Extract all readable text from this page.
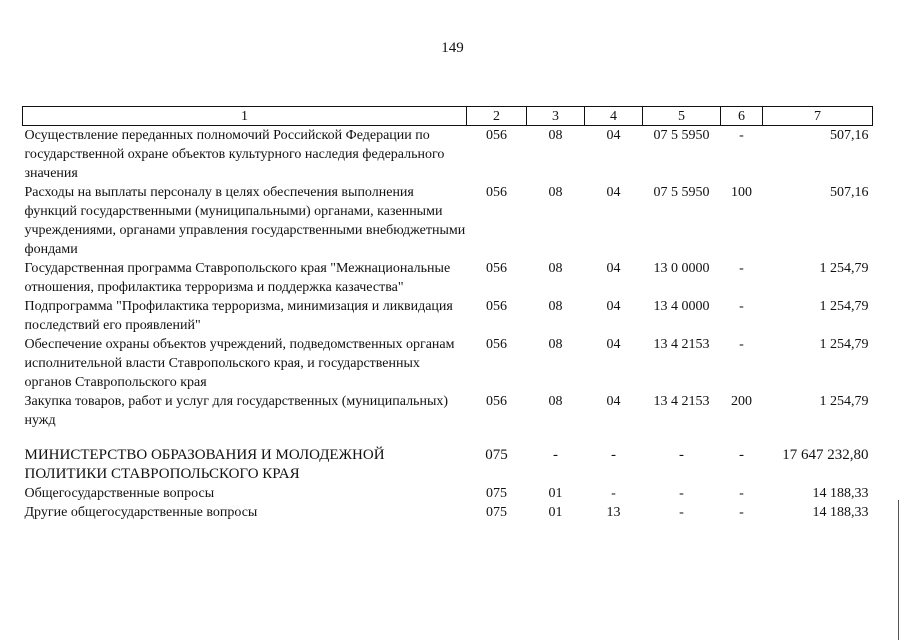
149
1	2	3	4	5	6	7
Осуществление переданных полномочий Российской Федерации по государственной охране объектов культурного наследия федерального значения	056	08	04	07 5 5950	-	507,16
Расходы на выплаты персоналу в целях обеспечения выполнения функций государственными (муниципальными) органами, казенными учреждениями, органами управления государственными внебюджетными фондами	056	08	04	07 5 5950	100	507,16
Государственная программа Ставропольского края "Межнациональные отношения, профилактика терроризма и поддержка казачества"	056	08	04	13 0 0000	-	1 254,79
Подпрограмма "Профилактика терроризма, минимизация и ликвидация последствий его проявлений"	056	08	04	13 4 0000	-	1 254,79
Обеспечение охраны объектов учреждений, подведомственных органам исполнительной власти Ставропольского края, и государственных органов Ставропольского края	056	08	04	13 4 2153	-	1 254,79
Закупка товаров, работ и услуг для государственных (муниципальных) нужд	056	08	04	13 4 2153	200	1 254,79
МИНИСТЕРСТВО ОБРАЗОВАНИЯ И МОЛОДЕЖНОЙ ПОЛИТИКИ СТАВРОПОЛЬСКОГО КРАЯ	075	-	-	-	-	17 647 232,80
Общегосударственные вопросы	075	01	-	-	-	14 188,33
Другие общегосударственные вопросы	075	01	13	-	-	14 188,33
